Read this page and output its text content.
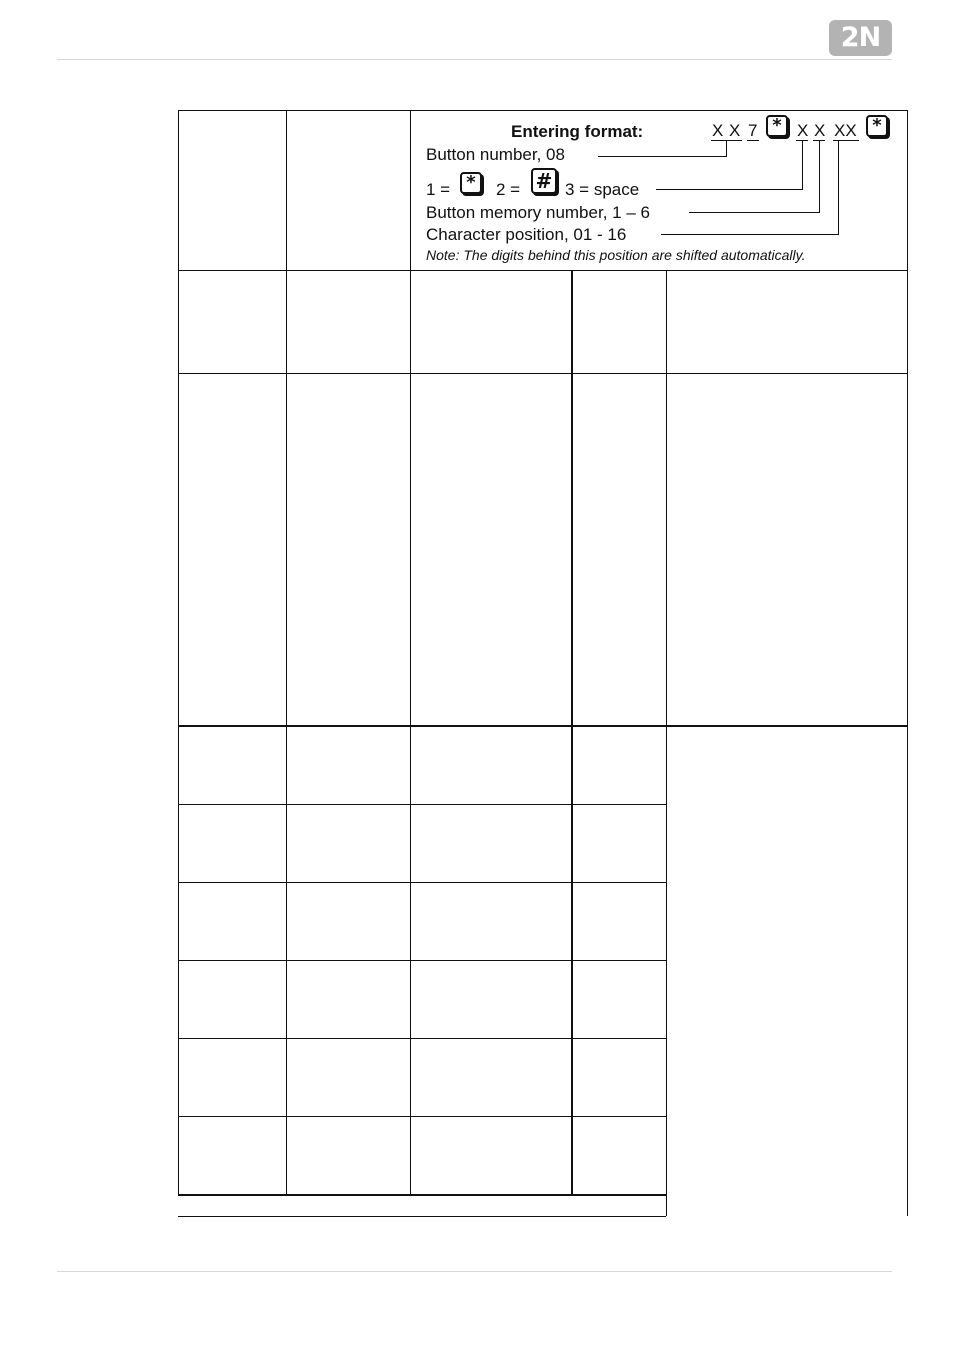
2N
Entering format:	X X 7 * X X XX *
Button number, 08
1 = *	2 = # 3 = space
Button memory number, 1 – 6
Character position, 01 - 16
Note: The digits behind this position are shifted automatically.
